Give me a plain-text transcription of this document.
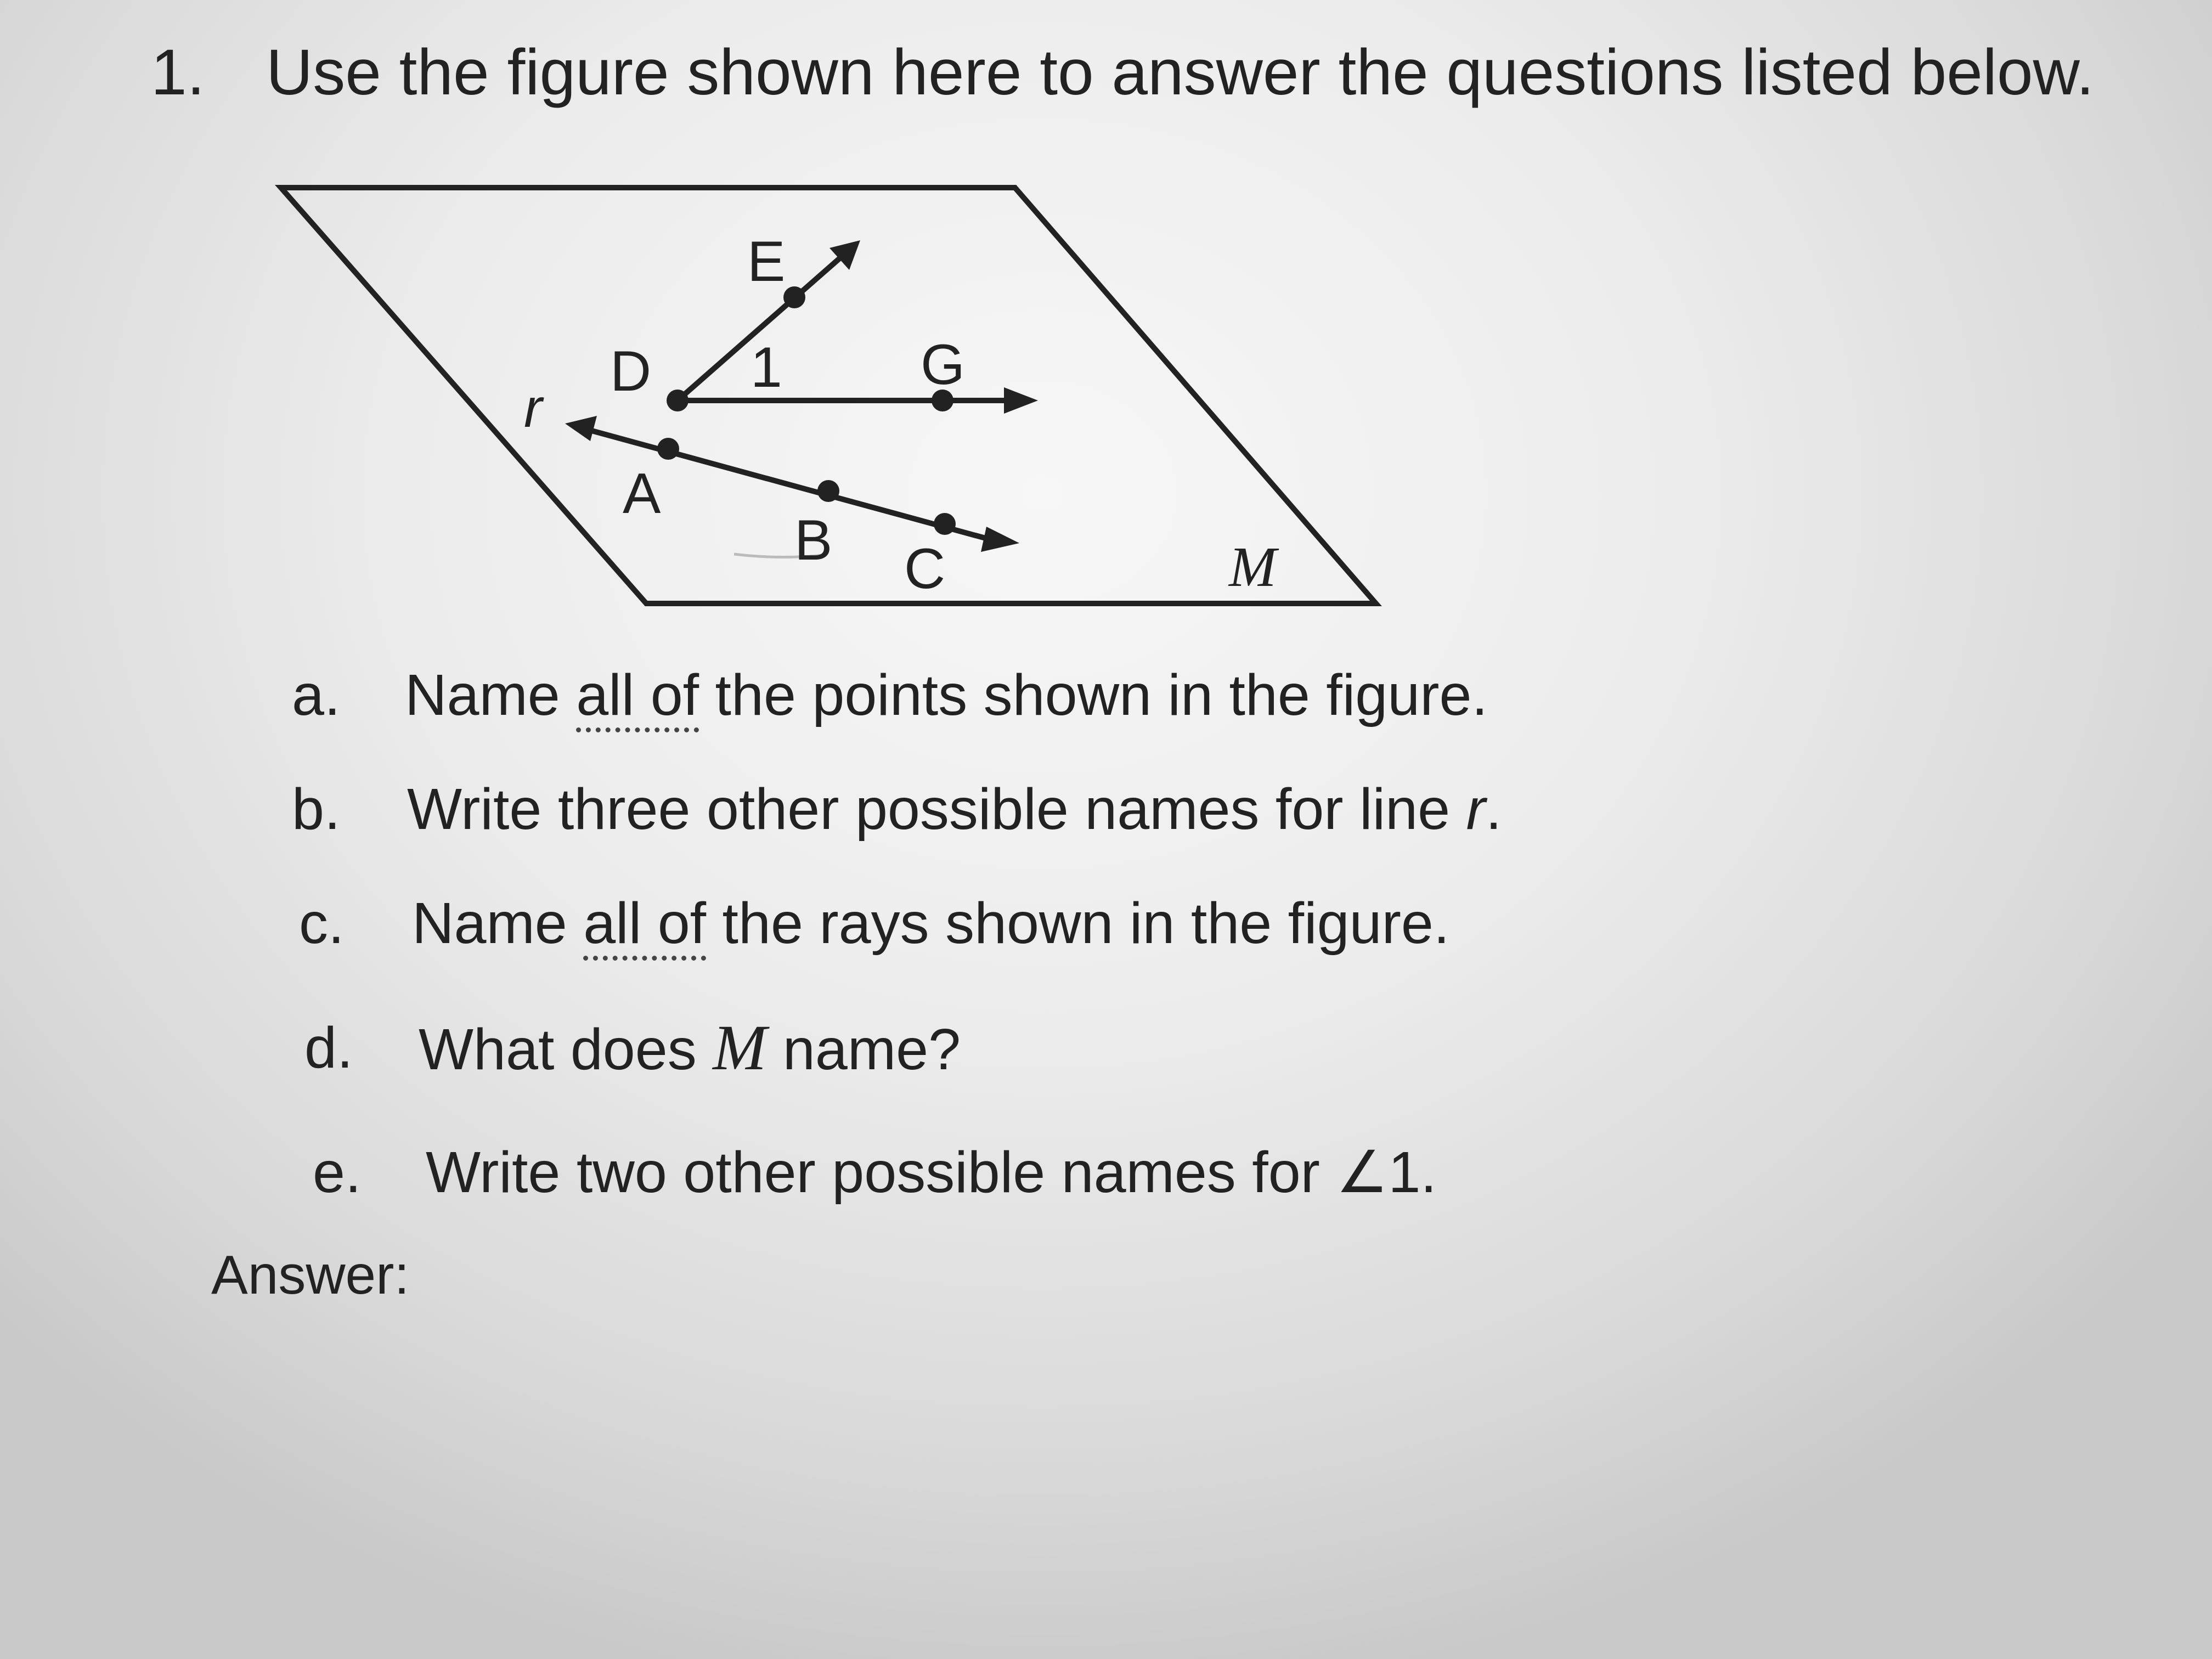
1. Use the figure shown here to answer the questions listed below.
E
D	G
A
B C
1
r
M
a. Name all of the points shown in the figure.
b. Write three other possible names for line r.
c. Name all of the rays shown in the figure.
d. What does M name?
e. Write two other possible names for ∠1.
Answer:
